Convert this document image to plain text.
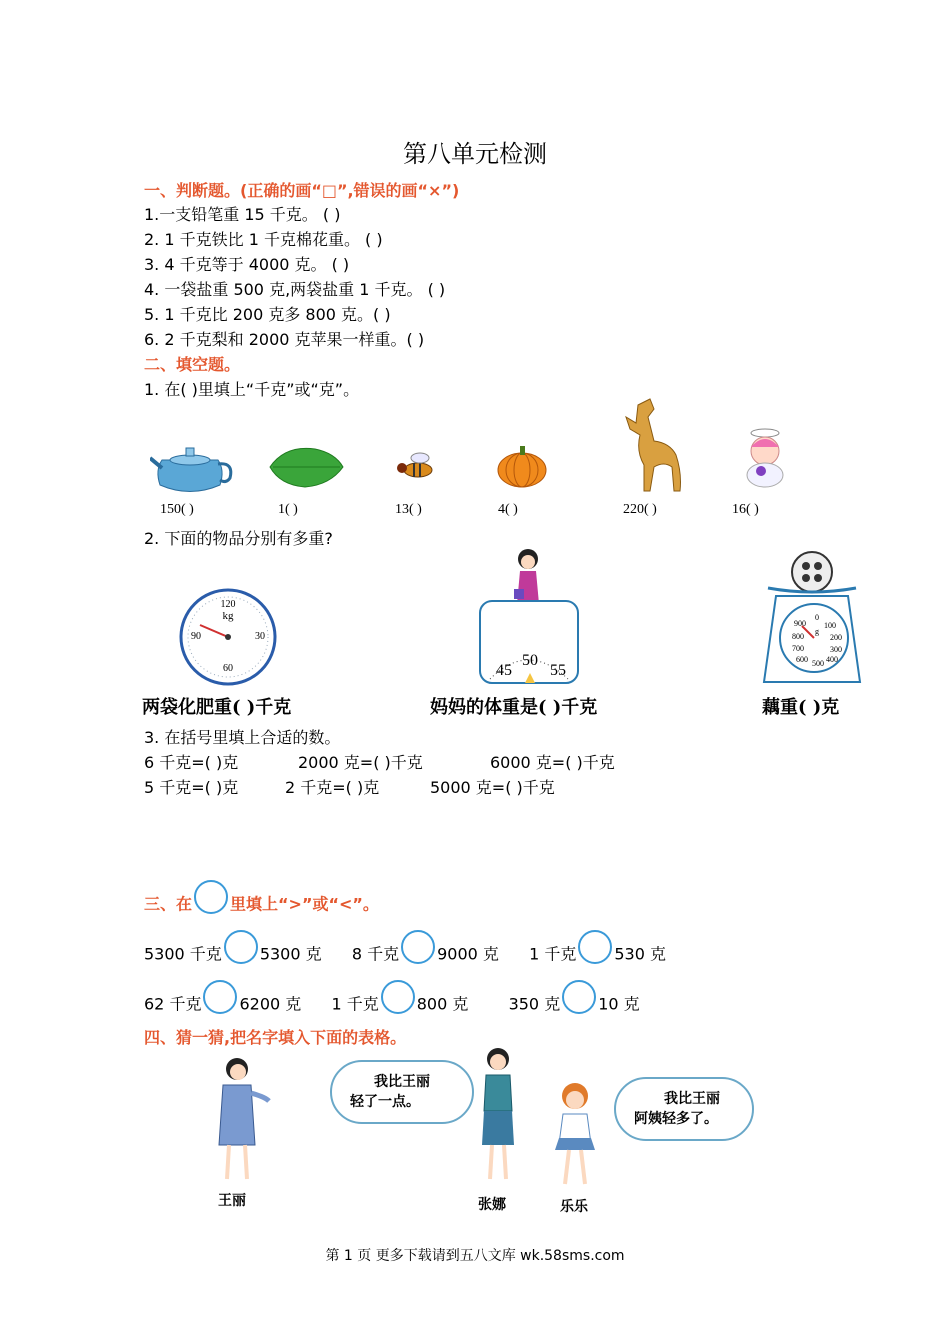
第八单元检测
一、判断题。(正确的画“□”,错误的画“×”)
1.一支铅笔重 15 千克。 ( )
2. 1 千克铁比 1 千克棉花重。 ( )
3. 4 千克等于 4000 克。 ( )
4. 一袋盐重 500 克,两袋盐重 1 千克。 ( )
5. 1 千克比 200 克多 800 克。( )
6. 2 千克梨和 2000 克苹果一样重。( )
二、填空题。
1. 在( )里填上“千克”或“克”。
150( )	1( )	13( )	4( )	220( )	16( )
2. 下面的物品分别有多重?
120
kg
90	30
60
两袋化肥重( )千克
45
50
55
妈妈的体重是( )千克
900
0
100
800
g
200
700	300
600 500 400
藕重( )克
3. 在括号里填上合适的数。
6 千克=( )克	2000 克=( )千克	6000 克=( )千克
5 千克=( )克	2 千克=( )克	5000 克=( )千克
三、在 里填上“>”或“<”。
5300 千克 5300 克 8 千克 9000 克 1 千克 530 克
62 千克 6200 克 1 千克 800 克	350 克 10 克
四、猜一猜,把名字填入下面的表格。
我比王丽
轻了一点。	我比王丽
阿姨轻多了。
王丽	张娜	乐乐
第 1 页 更多下载请到五八文库 wk.58sms.com
